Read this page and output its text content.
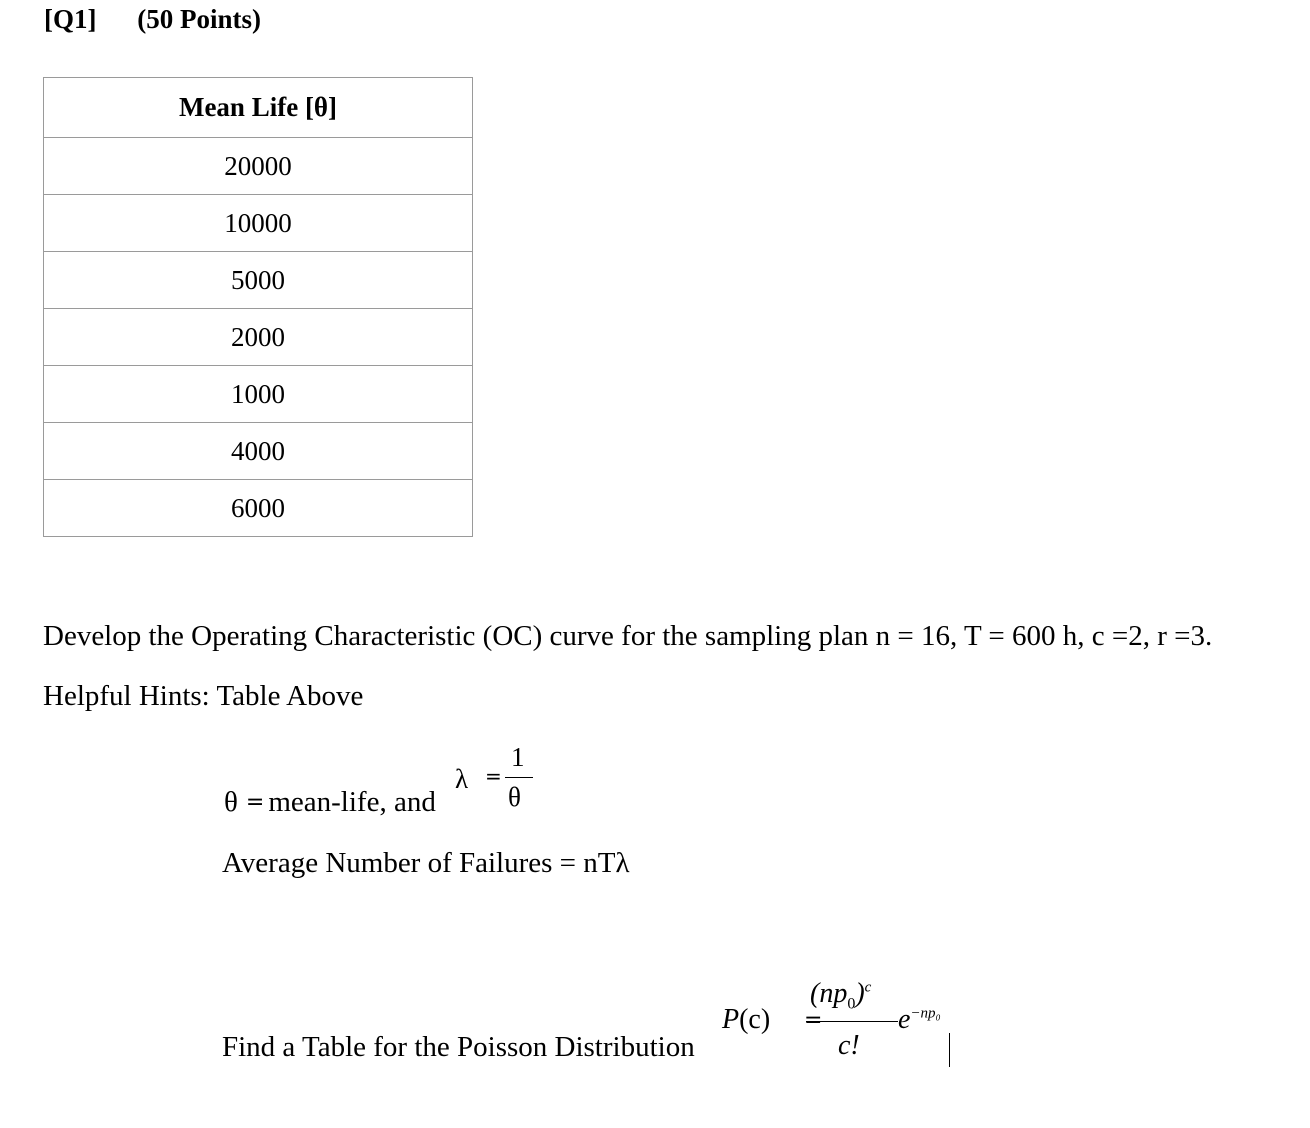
[Q1] (50 Points)
Mean Life [θ]
20000
10000
5000
2000
1000
4000
6000
Develop the Operating Characteristic (OC) curve for the sampling plan n = 16, T = 600 h, c =2, r =3.
Helpful Hints: Table Above
θ = mean-life, and
λ =
1
θ
Average Number of Failures = nTλ
Find a Table for the Poisson Distribution
P(c) =
$(np_0)^c$
c!
$e^{-np_0}$
